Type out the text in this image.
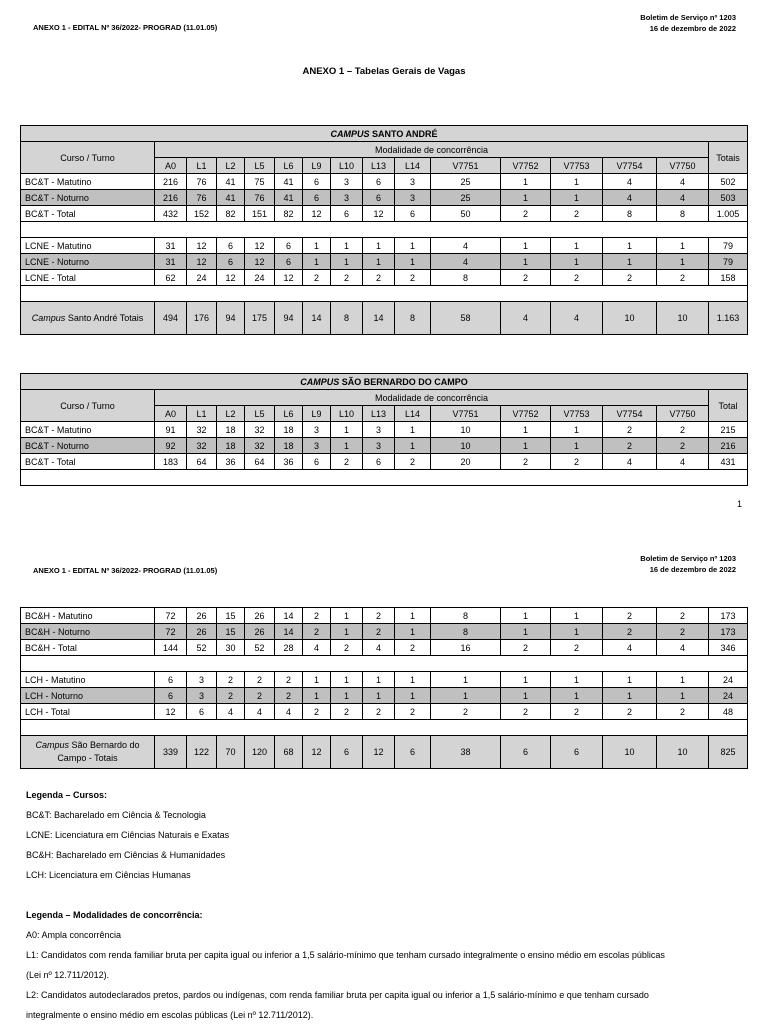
ANEXO 1 - EDITAL Nº 36/2022- PROGRAD (11.01.05)
Boletim de Serviço nº 1203
16 de dezembro de 2022
ANEXO 1 – Tabelas Gerais de Vagas
CAMPUS SANTO ANDRÉ															
Curso / Turno	Modalidade de concorrência														Totais
	A0	L1	L2	L5	L6	L9	L10	L13	L14	V7751	V7752	V7753	V7754	V7750	
BC&T - Matutino	216	76	41	75	41	6	3	6	3	25	1	1	4	4	502
BC&T - Noturno	216	76	41	76	41	6	3	6	3	25	1	1	4	4	503
BC&T - Total	432	152	82	151	82	12	6	12	6	50	2	2	8	8	1.005

LCNE - Matutino	31	12	6	12	6	1	1	1	1	4	1	1	1	1	79
LCNE - Noturno	31	12	6	12	6	1	1	1	1	4	1	1	1	1	79
LCNE - Total	62	24	12	24	12	2	2	2	2	8	2	2	2	2	158

Campus Santo André Totais	494	176	94	175	94	14	8	14	8	58	4	4	10	10	1.163
CAMPUS SÃO BERNARDO DO CAMPO															
Curso / Turno	Modalidade de concorrência														Total
	A0	L1	L2	L5	L6	L9	L10	L13	L14	V7751	V7752	V7753	V7754	V7750	
BC&T - Matutino	91	32	18	32	18	3	1	3	1	10	1	1	2	2	215
BC&T - Noturno	92	32	18	32	18	3	1	3	1	10	1	1	2	2	216
BC&T - Total	183	64	36	64	36	6	2	6	2	20	2	2	4	4	431

1
Boletim de Serviço nº 1203
16 de dezembro de 2022
ANEXO 1 - EDITAL Nº 36/2022- PROGRAD (11.01.05)
BC&H - Matutino	72	26	15	26	14	2	1	2	1	8	1	1	2	2	173
BC&H - Noturno	72	26	15	26	14	2	1	2	1	8	1	1	2	2	173
BC&H - Total	144	52	30	52	28	4	2	4	2	16	2	2	4	4	346

LCH - Matutino	6	3	2	2	2	1	1	1	1	1	1	1	1	1	24
LCH - Noturno	6	3	2	2	2	1	1	1	1	1	1	1	1	1	24
LCH - Total	12	6	4	4	4	2	2	2	2	2	2	2	2	2	48

Campus São Bernardo do Campo - Totais	339	122	70	120	68	12	6	12	6	38	6	6	10	10	825
Legenda – Cursos:
BC&T: Bacharelado em Ciência & Tecnologia
LCNE: Licenciatura em Ciências Naturais e Exatas
BC&H: Bacharelado em Ciências & Humanidades
LCH: Licenciatura em Ciências Humanas
Legenda – Modalidades de concorrência:
A0: Ampla concorrência
L1: Candidatos com renda familiar bruta per capita igual ou inferior a 1,5 salário-mínimo que tenham cursado integralmente o ensino médio em escolas públicas
(Lei nº 12.711/2012).
L2: Candidatos autodeclarados pretos, pardos ou indígenas, com renda familiar bruta per capita igual ou inferior a 1,5 salário-mínimo e que tenham cursado
integralmente o ensino médio em escolas públicas (Lei nº 12.711/2012).
